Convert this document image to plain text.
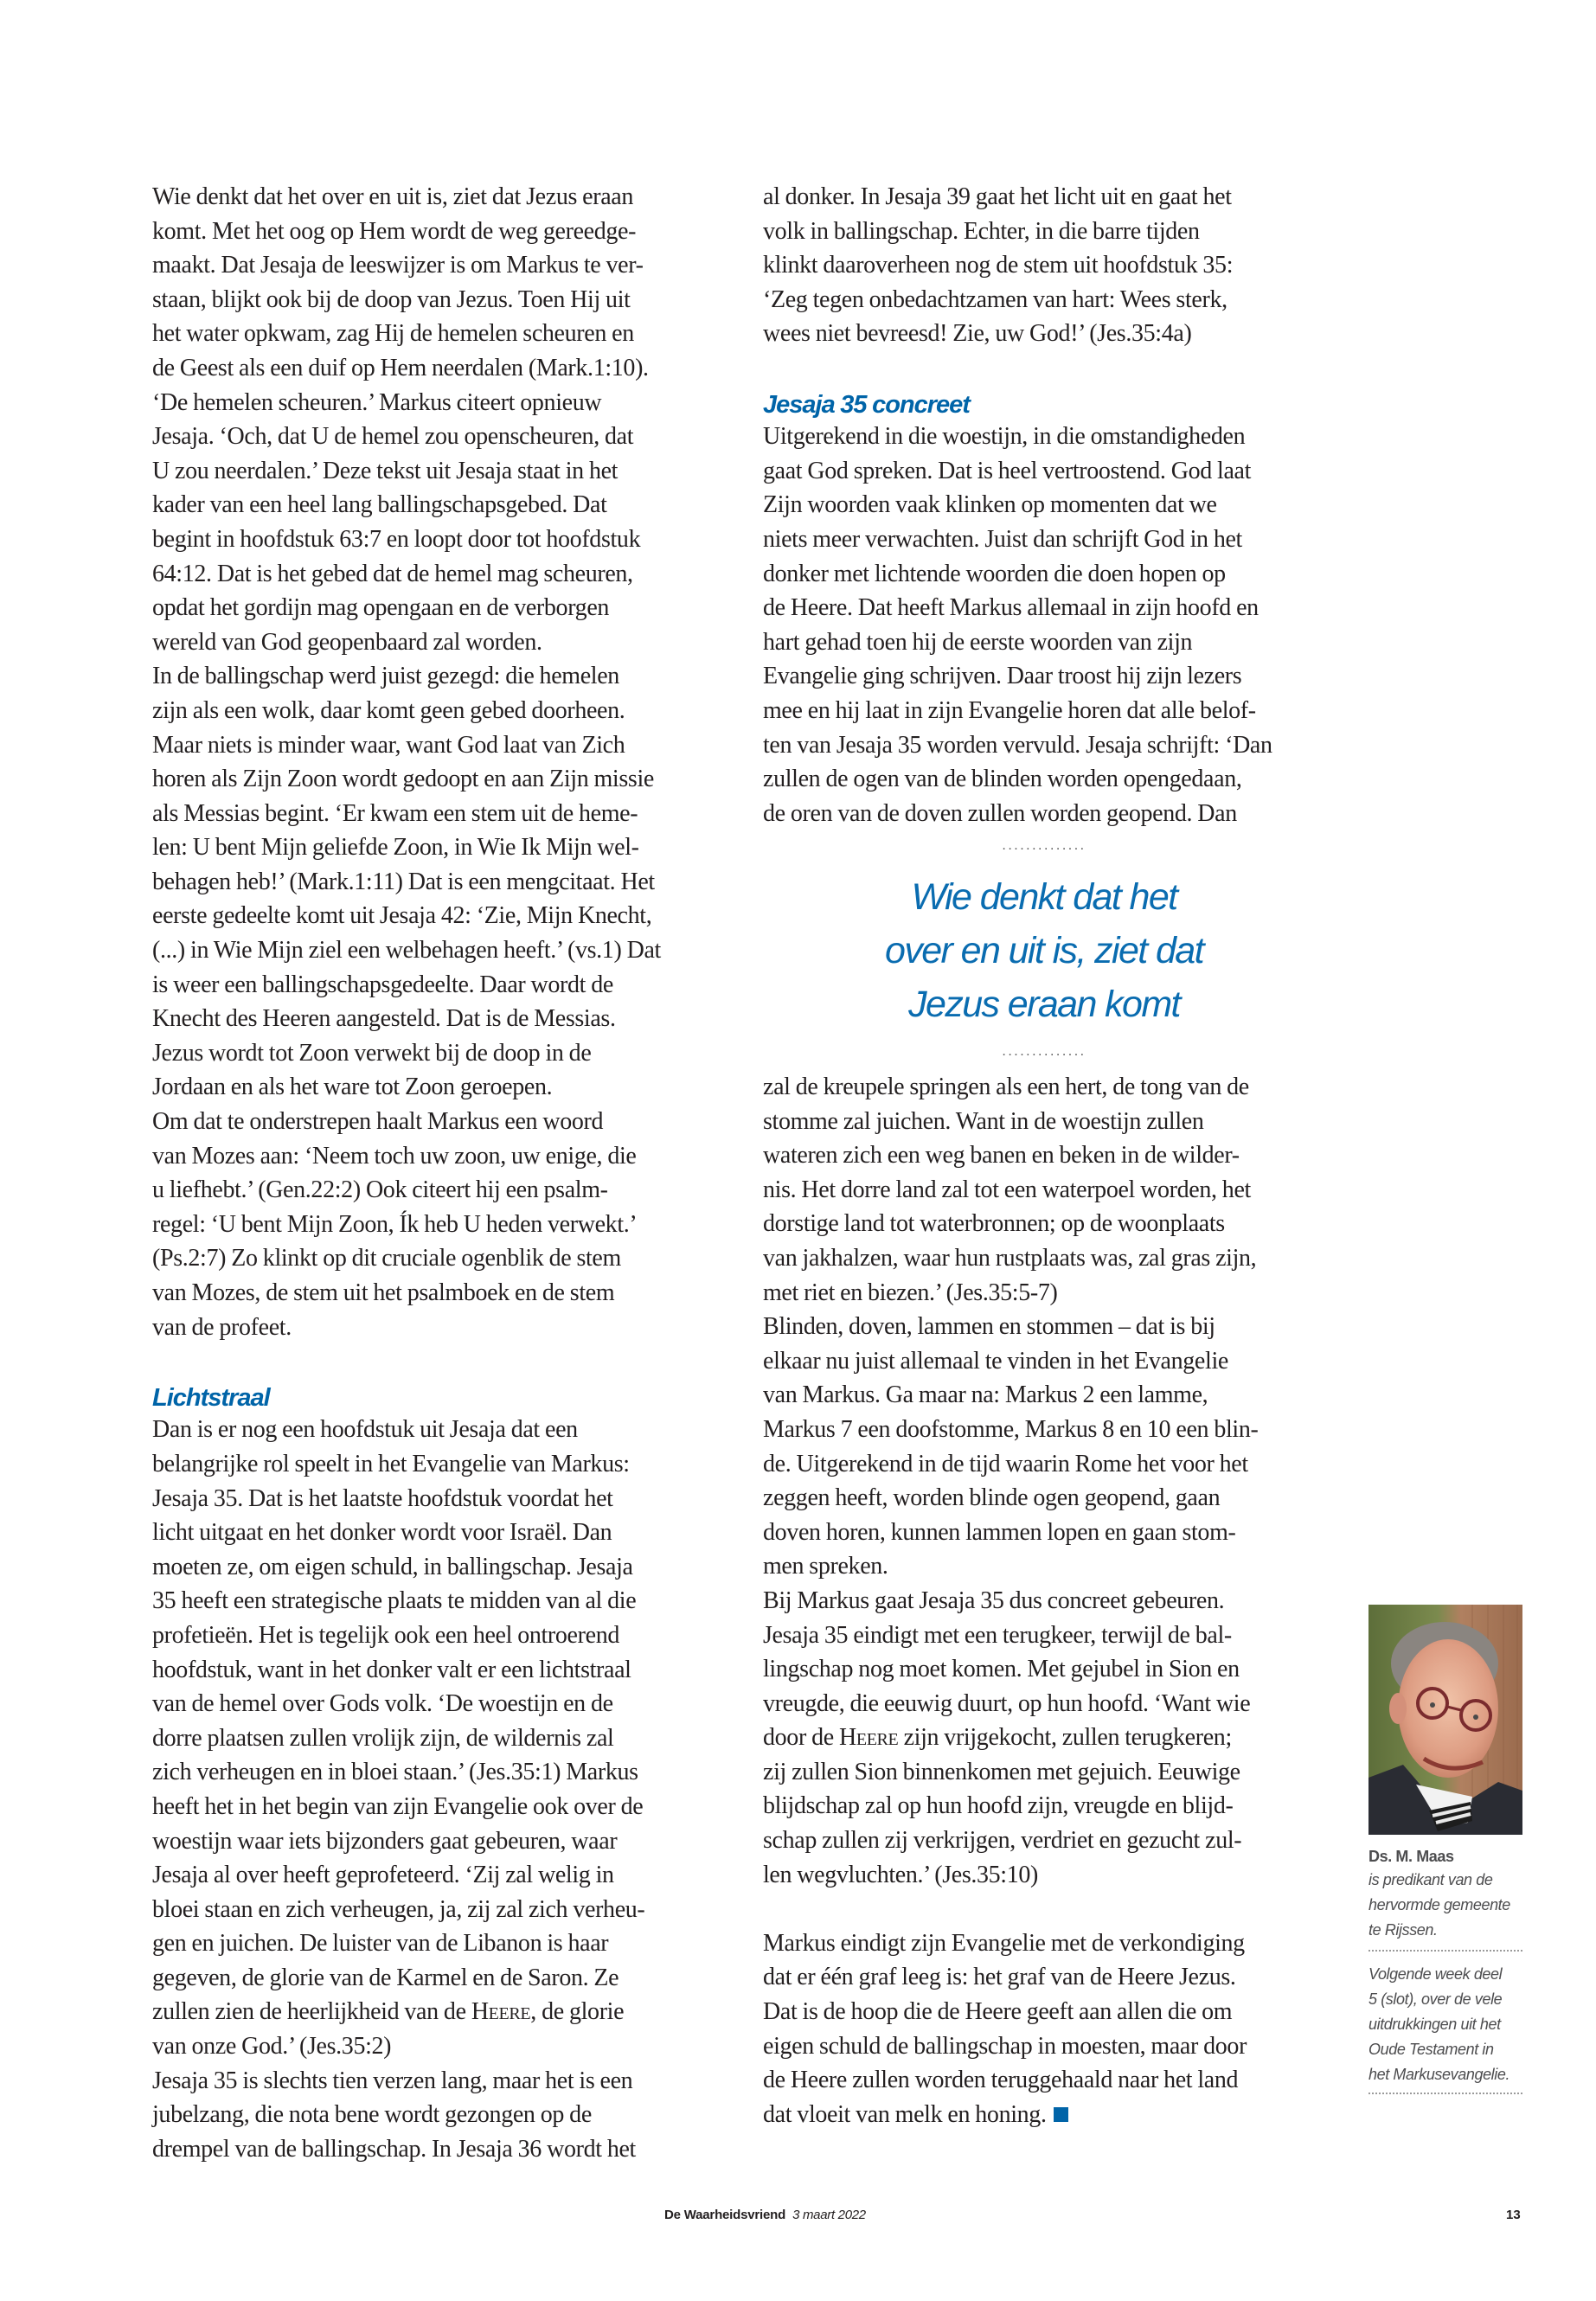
Wie denkt dat het over en uit is, ziet dat Jezus eraan
komt. Met het oog op Hem wordt de weg gereedge-
maakt. Dat Jesaja de leeswijzer is om Markus te ver-
staan, blijkt ook bij de doop van Jezus. Toen Hij uit
het water opkwam, zag Hij de hemelen scheuren en
de Geest als een duif op Hem neerdalen (Mark.1:10).
‘De hemelen scheuren.’ Markus citeert opnieuw
Jesaja. ‘Och, dat U de hemel zou openscheuren, dat
U zou neerdalen.’ Deze tekst uit Jesaja staat in het
kader van een heel lang ballingschapsgebed. Dat
begint in hoofdstuk 63:7 en loopt door tot hoofdstuk
64:12. Dat is het gebed dat de hemel mag scheuren,
opdat het gordijn mag opengaan en de verborgen
wereld van God geopenbaard zal worden.
In de ballingschap werd juist gezegd: die hemelen
zijn als een wolk, daar komt geen gebed doorheen.
Maar niets is minder waar, want God laat van Zich
horen als Zijn Zoon wordt gedoopt en aan Zijn missie
als Messias begint. ‘Er kwam een stem uit de heme-
len: U bent Mijn geliefde Zoon, in Wie Ik Mijn wel-
behagen heb!’ (Mark.1:11) Dat is een mengcitaat. Het
eerste gedeelte komt uit Jesaja 42: ‘Zie, Mijn Knecht,
(...) in Wie Mijn ziel een welbehagen heeft.’ (vs.1) Dat
is weer een ballingschapsgedeelte. Daar wordt de
Knecht des Heeren aangesteld. Dat is de Messias.
Jezus wordt tot Zoon verwekt bij de doop in de
Jordaan en als het ware tot Zoon geroepen.
Om dat te onderstrepen haalt Markus een woord
van Mozes aan: ‘Neem toch uw zoon, uw enige, die
u liefhebt.’ (Gen.22:2) Ook citeert hij een psalm-
regel: ‘U bent Mijn Zoon, Ík heb U heden verwekt.’
(Ps.2:7) Zo klinkt op dit cruciale ogenblik de stem
van Mozes, de stem uit het psalmboek en de stem
van de profeet.
Lichtstraal
Dan is er nog een hoofdstuk uit Jesaja dat een
belangrijke rol speelt in het Evangelie van Markus:
Jesaja 35. Dat is het laatste hoofdstuk voordat het
licht uitgaat en het donker wordt voor Israël. Dan
moeten ze, om eigen schuld, in ballingschap. Jesaja
35 heeft een strategische plaats te midden van al die
profetieën. Het is tegelijk ook een heel ontroerend
hoofdstuk, want in het donker valt er een lichtstraal
van de hemel over Gods volk. ‘De woestijn en de
dorre plaatsen zullen vrolijk zijn, de wildernis zal
zich verheugen en in bloei staan.’ (Jes.35:1) Markus
heeft het in het begin van zijn Evangelie ook over de
woestijn waar iets bijzonders gaat gebeuren, waar
Jesaja al over heeft geprofeteerd. ‘Zij zal welig in
bloei staan en zich verheugen, ja, zij zal zich verheu-
gen en juichen. De luister van de Libanon is haar
gegeven, de glorie van de Karmel en de Saron. Ze
zullen zien de heerlijkheid van de Heere, de glorie
van onze God.’ (Jes.35:2)
Jesaja 35 is slechts tien verzen lang, maar het is een
jubelzang, die nota bene wordt gezongen op de
drempel van de ballingschap. In Jesaja 36 wordt het
al donker. In Jesaja 39 gaat het licht uit en gaat het
volk in ballingschap. Echter, in die barre tijden
klinkt daaroverheen nog de stem uit hoofdstuk 35:
‘Zeg tegen onbedachtzamen van hart: Wees sterk,
wees niet bevreesd! Zie, uw God!’ (Jes.35:4a)
Jesaja 35 concreet
Uitgerekend in die woestijn, in die omstandigheden
gaat God spreken. Dat is heel vertroostend. God laat
Zijn woorden vaak klinken op momenten dat we
niets meer verwachten. Juist dan schrijft God in het
donker met lichtende woorden die doen hopen op
de Heere. Dat heeft Markus allemaal in zijn hoofd en
hart gehad toen hij de eerste woorden van zijn
Evangelie ging schrijven. Daar troost hij zijn lezers
mee en hij laat in zijn Evangelie horen dat alle belof-
ten van Jesaja 35 worden vervuld. Jesaja schrijft: ‘Dan
zullen de ogen van de blinden worden opengedaan,
de oren van de doven zullen worden geopend. Dan
..............
Wie denkt dat het
over en uit is, ziet dat
Jezus eraan komt
..............
zal de kreupele springen als een hert, de tong van de
stomme zal juichen. Want in de woestijn zullen
wateren zich een weg banen en beken in de wilder-
nis. Het dorre land zal tot een waterpoel worden, het
dorstige land tot waterbronnen; op de woonplaats
van jakhalzen, waar hun rustplaats was, zal gras zijn,
met riet en biezen.’ (Jes.35:5-7)
Blinden, doven, lammen en stommen – dat is bij
elkaar nu juist allemaal te vinden in het Evangelie
van Markus. Ga maar na: Markus 2 een lamme,
Markus 7 een doofstomme, Markus 8 en 10 een blin-
de. Uitgerekend in de tijd waarin Rome het voor het
zeggen heeft, worden blinde ogen geopend, gaan
doven horen, kunnen lammen lopen en gaan stom-
men spreken.
Bij Markus gaat Jesaja 35 dus concreet gebeuren.
Jesaja 35 eindigt met een terugkeer, terwijl de bal-
lingschap nog moet komen. Met gejubel in Sion en
vreugde, die eeuwig duurt, op hun hoofd. ‘Want wie
door de Heere zijn vrijgekocht, zullen terugkeren;
zij zullen Sion binnenkomen met gejuich. Eeuwige
blijdschap zal op hun hoofd zijn, vreugde en blijd-
schap zullen zij verkrijgen, verdriet en gezucht zul-
len wegvluchten.’ (Jes.35:10)
Markus eindigt zijn Evangelie met de verkondiging
dat er één graf leeg is: het graf van de Heere Jezus.
Dat is de hoop die de Heere geeft aan allen die om
eigen schuld de ballingschap in moesten, maar door
de Heere zullen worden teruggehaald naar het land
dat vloeit van melk en honing.
Ds. M. Maas
is predikant van de
hervormde gemeente
te Rijssen.
Volgende week deel
5 (slot), over de vele
uitdrukkingen uit het
Oude Testament in
het Markusevangelie.
De Waarheidsvriend 3 maart 2022	13
